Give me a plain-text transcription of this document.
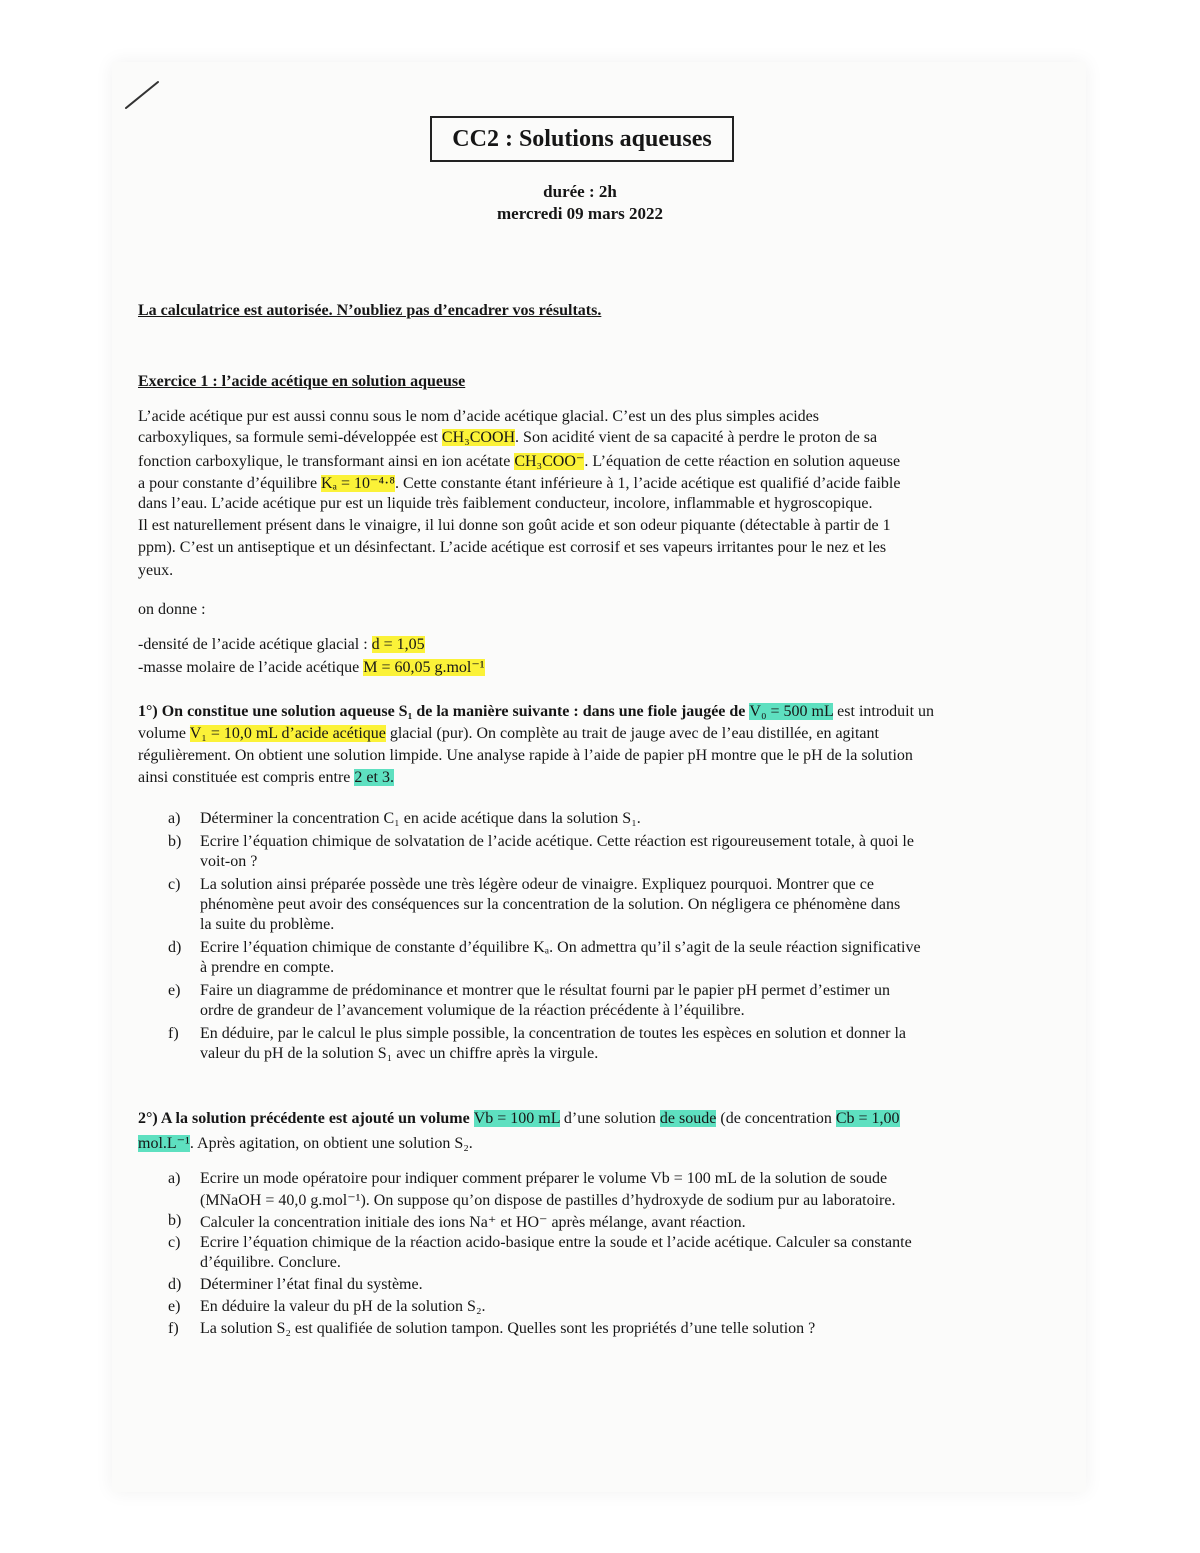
CC2 : Solutions aqueuses
durée : 2h
mercredi 09 mars 2022
La calculatrice est autorisée. N’oubliez pas d’encadrer vos résultats.
Exercice 1 : l’acide acétique en solution aqueuse
L’acide acétique pur est aussi connu sous le nom d’acide acétique glacial. C’est un des plus simples acides
carboxyliques, sa formule semi-développée est CH₃COOH. Son acidité vient de sa capacité à perdre le proton de sa
fonction carboxylique, le transformant ainsi en ion acétate CH₃COO⁻. L’équation de cette réaction en solution aqueuse
a pour constante d’équilibre Kₐ = 10⁻⁴·⁸. Cette constante étant inférieure à 1, l’acide acétique est qualifié d’acide faible
dans l’eau. L’acide acétique pur est un liquide très faiblement conducteur, incolore, inflammable et hygroscopique.
Il est naturellement présent dans le vinaigre, il lui donne son goût acide et son odeur piquante (détectable à partir de 1
ppm). C’est un antiseptique et un désinfectant. L’acide acétique est corrosif et ses vapeurs irritantes pour le nez et les
yeux.
on donne :
-densité de l’acide acétique glacial : d = 1,05
-masse molaire de l’acide acétique M = 60,05 g.mol⁻¹
1°) On constitue une solution aqueuse S₁ de la manière suivante : dans une fiole jaugée de V₀ = 500 mL est introduit un
volume V₁ = 10,0 mL d’acide acétique glacial (pur). On complète au trait de jauge avec de l’eau distillée, en agitant
régulièrement. On obtient une solution limpide. Une analyse rapide à l’aide de papier pH montre que le pH de la solution
ainsi constituée est compris entre 2 et 3.
a)	Déterminer la concentration C₁ en acide acétique dans la solution S₁.
b)	Ecrire l’équation chimique de solvatation de l’acide acétique. Cette réaction est rigoureusement totale, à quoi le
voit-on ?
c)	La solution ainsi préparée possède une très légère odeur de vinaigre. Expliquez pourquoi. Montrer que ce
phénomène peut avoir des conséquences sur la concentration de la solution. On négligera ce phénomène dans
la suite du problème.
d)	Ecrire l’équation chimique de constante d’équilibre Kₐ. On admettra qu’il s’agit de la seule réaction significative
à prendre en compte.
e)	Faire un diagramme de prédominance et montrer que le résultat fourni par le papier pH permet d’estimer un
ordre de grandeur de l’avancement volumique de la réaction précédente à l’équilibre.
f)	En déduire, par le calcul le plus simple possible, la concentration de toutes les espèces en solution et donner la
valeur du pH de la solution S₁ avec un chiffre après la virgule.
2°) A la solution précédente est ajouté un volume Vb = 100 mL d’une solution de soude (de concentration Cb = 1,00
mol.L⁻¹. Après agitation, on obtient une solution S₂.
a)	Ecrire un mode opératoire pour indiquer comment préparer le volume Vb = 100 mL de la solution de soude
(MNaOH = 40,0 g.mol⁻¹). On suppose qu’on dispose de pastilles d’hydroxyde de sodium pur au laboratoire.
b)	Calculer la concentration initiale des ions Na⁺ et HO⁻ après mélange, avant réaction.
c)	Ecrire l’équation chimique de la réaction acido-basique entre la soude et l’acide acétique. Calculer sa constante
d’équilibre. Conclure.
d)	Déterminer l’état final du système.
e)	En déduire la valeur du pH de la solution S₂.
f)	La solution S₂ est qualifiée de solution tampon. Quelles sont les propriétés d’une telle solution ?
